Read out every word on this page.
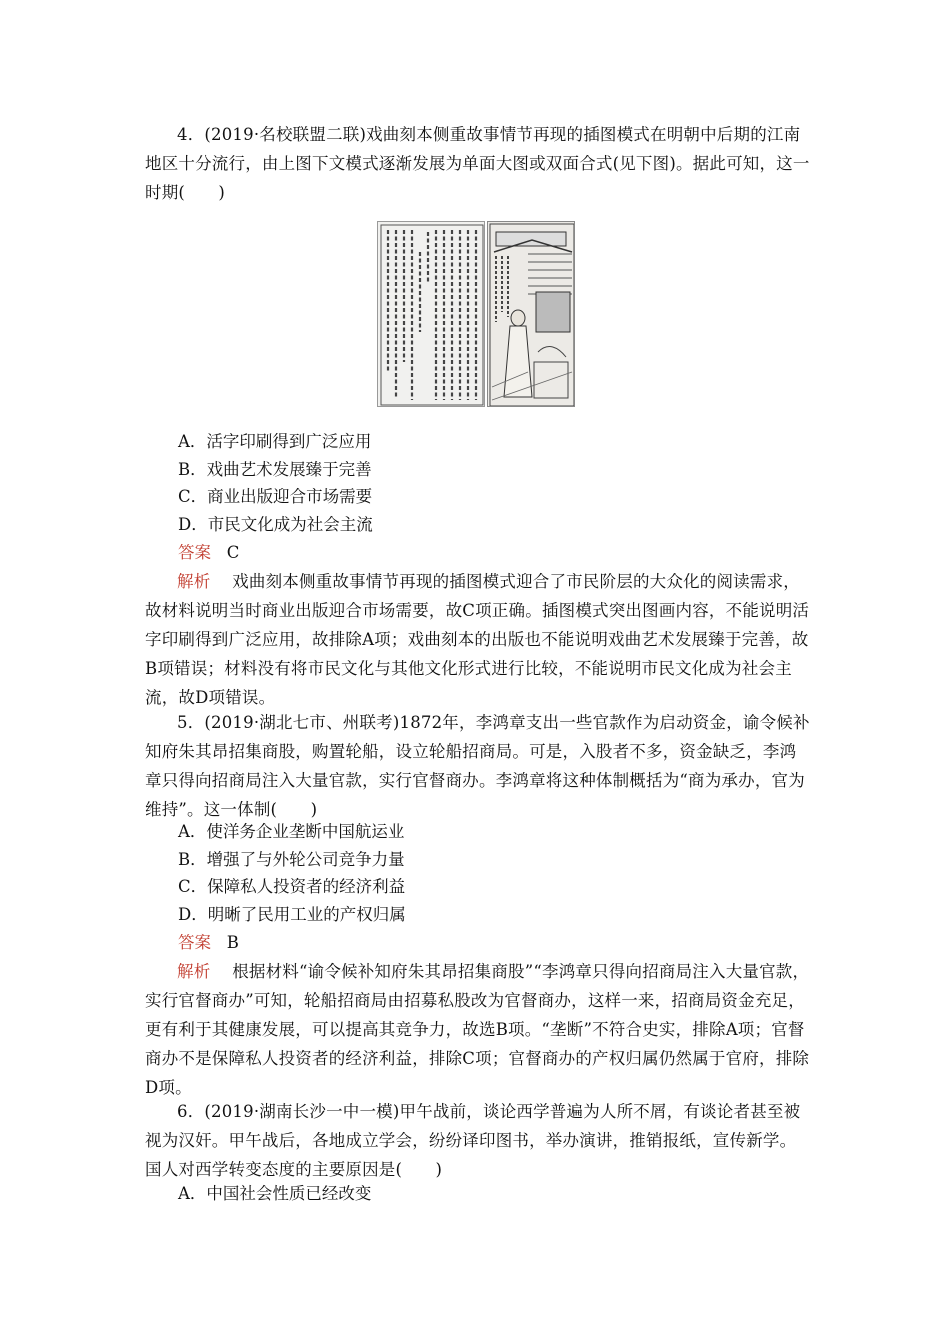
4．(2019·名校联盟二联)戏曲刻本侧重故事情节再现的插图模式在明朝中后期的江南地区十分流行，由上图下文模式逐渐发展为单面大图或双面合式(见下图)。据此可知，这一时期(　　)
A．活字印刷得到广泛应用
B．戏曲艺术发展臻于完善
C．商业出版迎合市场需要
D．市民文化成为社会主流
答案 C
解析 戏曲刻本侧重故事情节再现的插图模式迎合了市民阶层的大众化的阅读需求，故材料说明当时商业出版迎合市场需要，故C项正确。插图模式突出图画内容，不能说明活字印刷得到广泛应用，故排除A项；戏曲刻本的出版也不能说明戏曲艺术发展臻于完善，故B项错误；材料没有将市民文化与其他文化形式进行比较，不能说明市民文化成为社会主流，故D项错误。
5．(2019·湖北七市、州联考)1872年，李鸿章支出一些官款作为启动资金，谕令候补知府朱其昂招集商股，购置轮船，设立轮船招商局。可是，入股者不多，资金缺乏，李鸿章只得向招商局注入大量官款，实行官督商办。李鸿章将这种体制概括为“商为承办，官为维持”。这一体制(　　)
A．使洋务企业垄断中国航运业
B．增强了与外轮公司竞争力量
C．保障私人投资者的经济利益
D．明晰了民用工业的产权归属
答案 B
解析 根据材料“谕令候补知府朱其昂招集商股”“李鸿章只得向招商局注入大量官款，实行官督商办”可知，轮船招商局由招募私股改为官督商办，这样一来，招商局资金充足，更有利于其健康发展，可以提高其竞争力，故选B项。“垄断”不符合史实，排除A项；官督商办不是保障私人投资者的经济利益，排除C项；官督商办的产权归属仍然属于官府，排除D项。
6．(2019·湖南长沙一中一模)甲午战前，谈论西学普遍为人所不屑，有谈论者甚至被视为汉奸。甲午战后，各地成立学会，纷纷译印图书，举办演讲，推销报纸，宣传新学。国人对西学转变态度的主要原因是(　　)
A．中国社会性质已经改变
